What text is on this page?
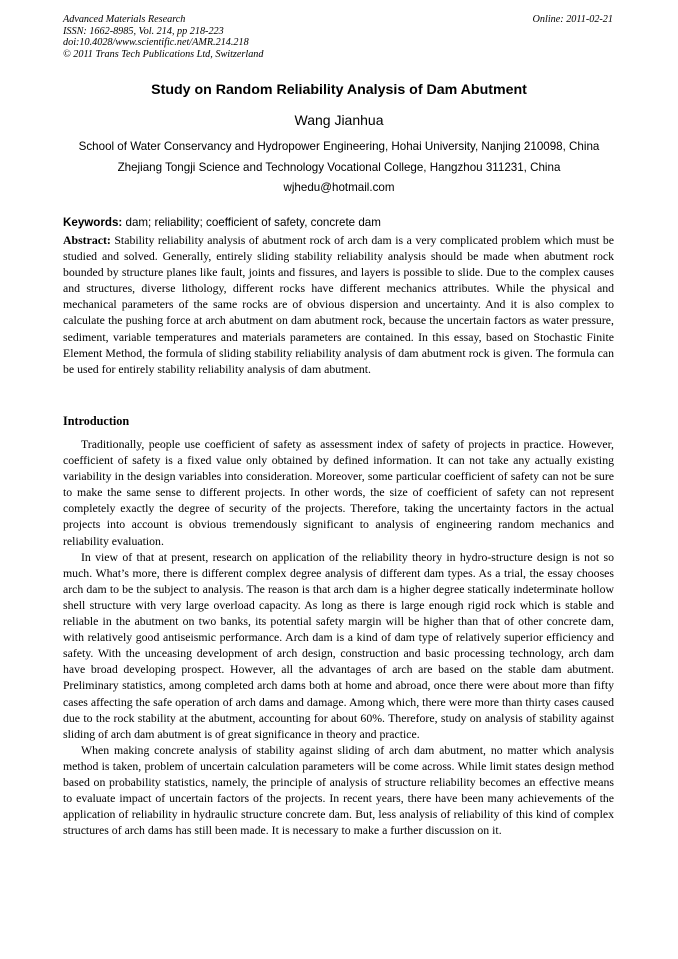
Advanced Materials Research
ISSN: 1662-8985, Vol. 214, pp 218-223
doi:10.4028/www.scientific.net/AMR.214.218
© 2011 Trans Tech Publications Ltd, Switzerland
Online: 2011-02-21
Study on Random Reliability Analysis of Dam Abutment
Wang Jianhua
School of Water Conservancy and Hydropower Engineering, Hohai University, Nanjing 210098, China
Zhejiang Tongji Science and Technology Vocational College, Hangzhou 311231, China
wjhedu@hotmail.com
Keywords: dam; reliability; coefficient of safety, concrete dam
Abstract: Stability reliability analysis of abutment rock of arch dam is a very complicated problem which must be studied and solved. Generally, entirely sliding stability reliability analysis should be made when abutment rock bounded by structure planes like fault, joints and fissures, and layers is possible to slide. Due to the complex causes and structures, diverse lithology, different rocks have different mechanics attributes. While the physical and mechanical parameters of the same rocks are of obvious dispersion and uncertainty. And it is also complex to calculate the pushing force at arch abutment on dam abutment rock, because the uncertain factors as water pressure, sediment, variable temperatures and materials parameters are contained. In this essay, based on Stochastic Finite Element Method, the formula of sliding stability reliability analysis of dam abutment rock is given. The formula can be used for entirely stability reliability analysis of dam abutment.
Introduction

Traditionally, people use coefficient of safety as assessment index of safety of projects in practice. However, coefficient of safety is a fixed value only obtained by defined information. It can not take any actually existing variability in the design variables into consideration. Moreover, some particular coefficient of safety can not be sure to make the same sense to different projects. In other words, the size of coefficient of safety can not represent completely exactly the degree of security of the projects. Therefore, taking the uncertainty factors in the actual projects into account is obvious tremendously significant to analysis of engineering random mechanics and reliability evaluation.

In view of that at present, research on application of the reliability theory in hydro-structure design is not so much. What’s more, there is different complex degree analysis of different dam types. As a trial, the essay chooses arch dam to be the subject to analysis. The reason is that arch dam is a higher degree statically indeterminate hollow shell structure with very large overload capacity. As long as there is large enough rigid rock which is stable and reliable in the abutment on two banks, its potential safety margin will be higher than that of other concrete dam, with relatively good antiseismic performance. Arch dam is a kind of dam type of relatively superior efficiency and safety. With the unceasing development of arch design, construction and basic processing technology, arch dam have broad developing prospect. However, all the advantages of arch are based on the stable dam abutment. Preliminary statistics, among completed arch dams both at home and abroad, once there were about more than fifty cases affecting the safe operation of arch dams and damage. Among which, there were more than thirty cases caused due to the rock stability at the abutment, accounting for about 60%. Therefore, study on analysis of stability against sliding of arch dam abutment is of great significance in theory and practice.

When making concrete analysis of stability against sliding of arch dam abutment, no matter which analysis method is taken, problem of uncertain calculation parameters will be come across. While limit states design method based on probability statistics, namely, the principle of analysis of structure reliability becomes an effective means to evaluate impact of uncertain factors of the projects. In recent years, there have been many achievements of the application of reliability in hydraulic structure concrete dam. But, less analysis of reliability of this kind of complex structures of arch dams has still been made. It is necessary to make a further discussion on it.
